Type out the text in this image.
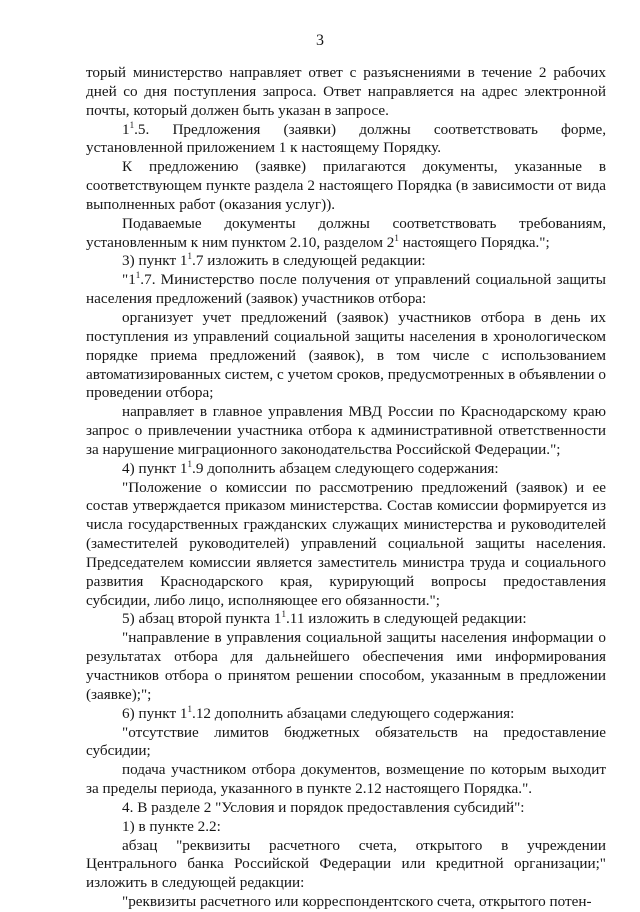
3

торый министерство направляет ответ с разъяснениями в течение 2 рабочих дней со дня поступления запроса. Ответ направляется на адрес электронной почты, который должен быть указан в запросе.

$1^1.5$. Предложения (заявки) должны соответствовать форме, установленной приложением 1 к настоящему Порядку.

К предложению (заявке) прилагаются документы, указанные в соответствующем пункте раздела 2 настоящего Порядка (в зависимости от вида выполненных работ (оказания услуг)).

Подаваемые документы должны соответствовать требованиям, установленным к ним пунктом 2.10, разделом $2^1$ настоящего Порядка.";

3) пункт $1^1.7$ изложить в следующей редакции:

"$1^1.7$. Министерство после получения от управлений социальной защиты населения предложений (заявок) участников отбора:

организует учет предложений (заявок) участников отбора в день их поступления из управлений социальной защиты населения в хронологическом порядке приема предложений (заявок), в том числе с использованием автоматизированных систем, с учетом сроков, предусмотренных в объявлении о проведении отбора;

направляет в главное управления МВД России по Краснодарскому краю запрос о привлечении участника отбора к административной ответственности за нарушение миграционного законодательства Российской Федерации.";

4) пункт $1^1.9$ дополнить абзацем следующего содержания:

"Положение о комиссии по рассмотрению предложений (заявок) и ее состав утверждается приказом министерства. Состав комиссии формируется из числа государственных гражданских служащих министерства и руководителей (заместителей руководителей) управлений социальной защиты населения. Председателем комиссии является заместитель министра труда и социального развития Краснодарского края, курирующий вопросы предоставления субсидии, либо лицо, исполняющее его обязанности.";

5) абзац второй пункта $1^1.11$ изложить в следующей редакции:

"направление в управления социальной защиты населения информации о результатах отбора для дальнейшего обеспечения ими информирования участников отбора о принятом решении способом, указанным в предложении (заявке);";

6) пункт $1^1.12$ дополнить абзацами следующего содержания:

"отсутствие лимитов бюджетных обязательств на предоставление субсидии;

подача участником отбора документов, возмещение по которым выходит за пределы периода, указанного в пункте 2.12 настоящего Порядка.".

4. В разделе 2 "Условия и порядок предоставления субсидий":

1) в пункте 2.2:

абзац "реквизиты расчетного счета, открытого в учреждении Центрального банка Российской Федерации или кредитной организации;" изложить в следующей редакции:

"реквизиты расчетного или корреспондентского счета, открытого потен-
